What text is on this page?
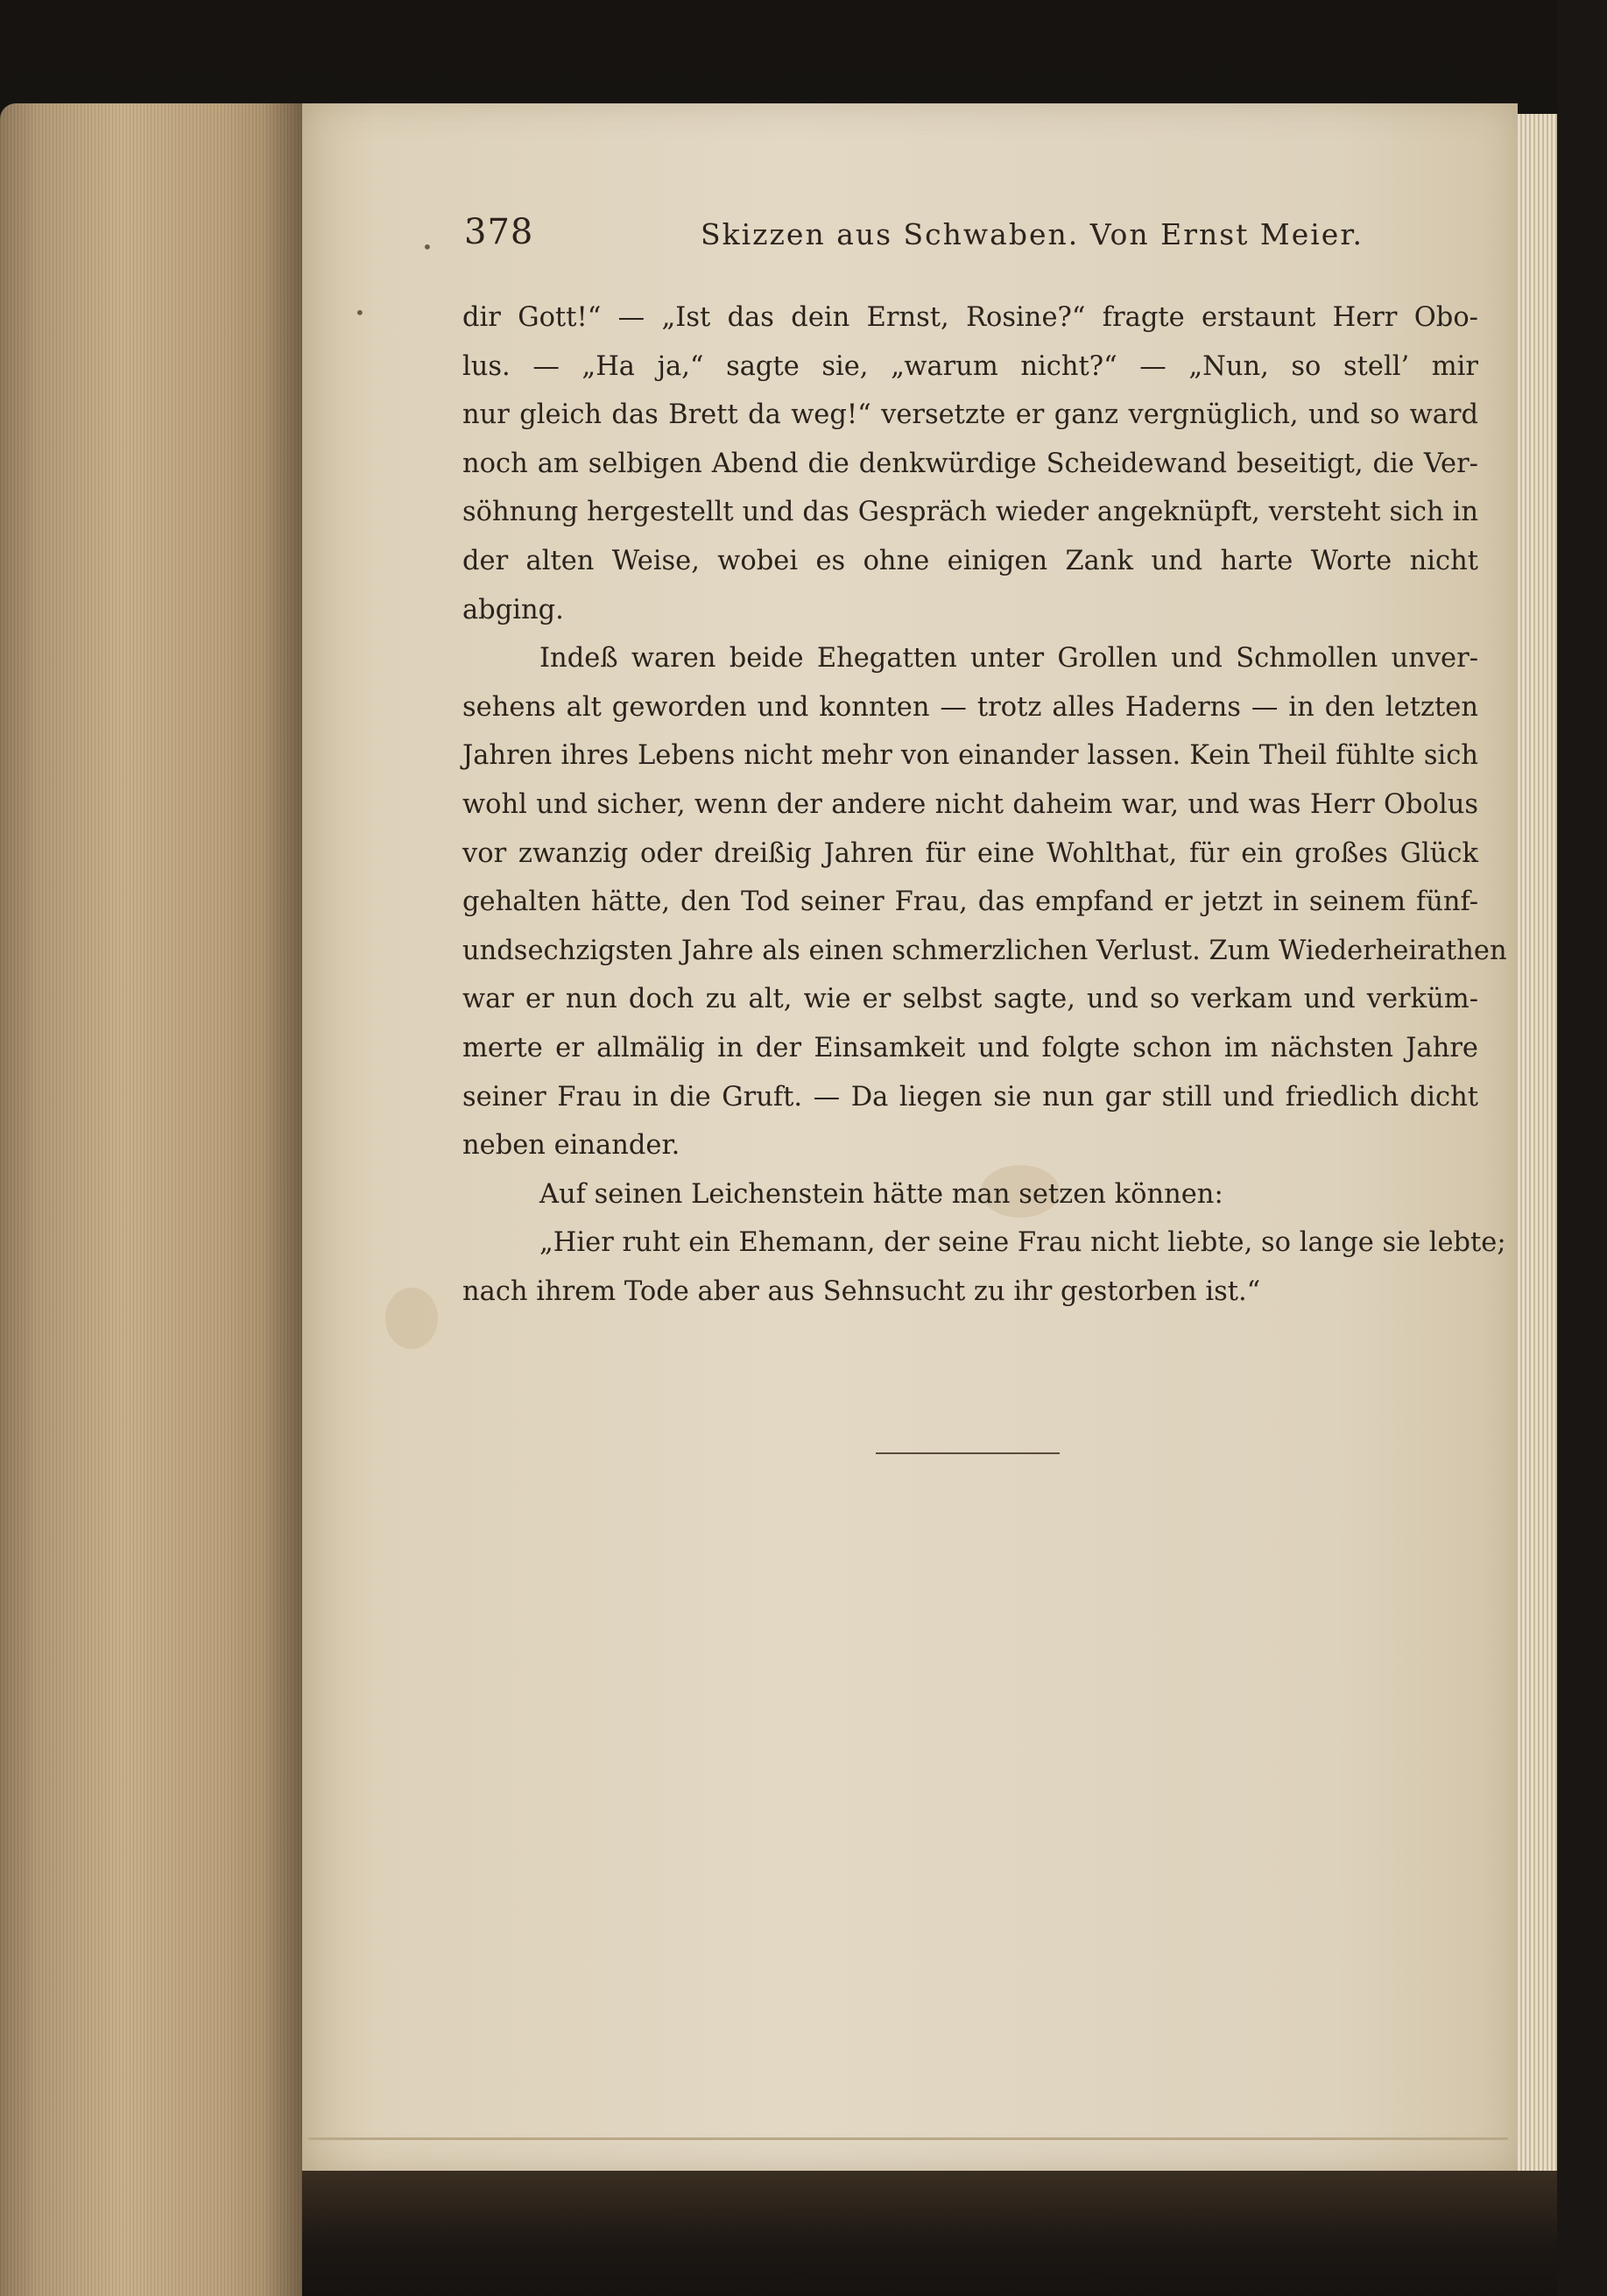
•
•
378	Skizzen aus Schwaben. Von Ernst Meier.
dir Gott!“ — „Ist das dein Ernst, Rosine?“ fragte erstaunt Herr Obo-
lus. — „Ha ja,“ sagte sie, „warum nicht?“ — „Nun, so stell’ mir
nur gleich das Brett da weg!“ versetzte er ganz vergnüglich, und so ward
noch am selbigen Abend die denkwürdige Scheidewand beseitigt, die Ver-
söhnung hergestellt und das Gespräch wieder angeknüpft, versteht sich in
der alten Weise, wobei es ohne einigen Zank und harte Worte nicht
abging.
Indeß waren beide Ehegatten unter Grollen und Schmollen unver-
sehens alt geworden und konnten — trotz alles Haderns — in den letzten
Jahren ihres Lebens nicht mehr von einander lassen. Kein Theil fühlte sich
wohl und sicher, wenn der andere nicht daheim war, und was Herr Obolus
vor zwanzig oder dreißig Jahren für eine Wohlthat, für ein großes Glück
gehalten hätte, den Tod seiner Frau, das empfand er jetzt in seinem fünf-
undsechzigsten Jahre als einen schmerzlichen Verlust. Zum Wiederheirathen
war er nun doch zu alt, wie er selbst sagte, und so verkam und verküm-
merte er allmälig in der Einsamkeit und folgte schon im nächsten Jahre
seiner Frau in die Gruft. — Da liegen sie nun gar still und friedlich dicht
neben einander.
Auf seinen Leichenstein hätte man setzen können:
„Hier ruht ein Ehemann, der seine Frau nicht liebte, so lange sie lebte;
nach ihrem Tode aber aus Sehnsucht zu ihr gestorben ist.“
